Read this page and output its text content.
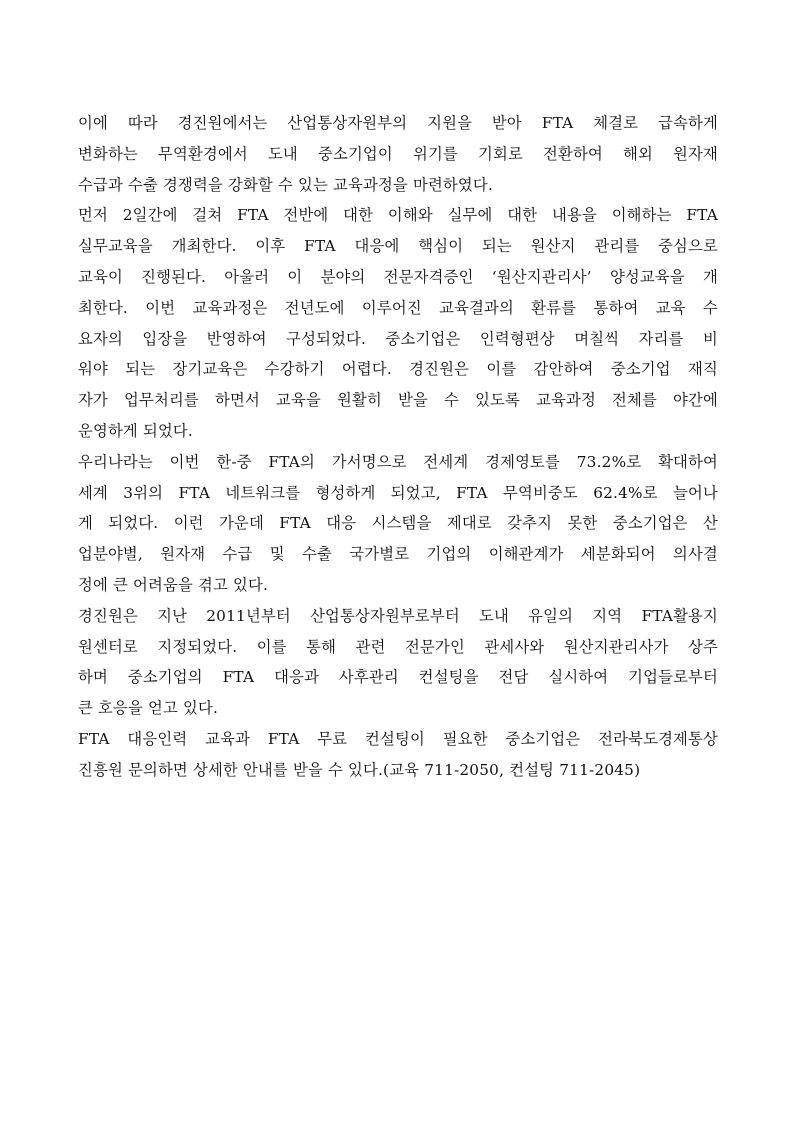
이에 따라 경진원에서는 산업통상자원부의 지원을 받아 FTA 체결로 급속하게
변화하는 무역환경에서 도내 중소기업이 위기를 기회로 전환하여 해외 원자재
수급과 수출 경쟁력을 강화할 수 있는 교육과정을 마련하였다.
먼저 2일간에 걸쳐 FTA 전반에 대한 이해와 실무에 대한 내용을 이해하는 FTA
실무교육을 개최한다. 이후 FTA 대응에 핵심이 되는 원산지 관리를 중심으로
교육이 진행된다. 아울러 이 분야의 전문자격증인 ‘원산지관리사’ 양성교육을 개
최한다. 이번 교육과정은 전년도에 이루어진 교육결과의 환류를 통하여 교육 수
요자의 입장을 반영하여 구성되었다. 중소기업은 인력형편상 며칠씩 자리를 비
워야 되는 장기교육은 수강하기 어렵다. 경진원은 이를 감안하여 중소기업 재직
자가 업무처리를 하면서 교육을 원활히 받을 수 있도록 교육과정 전체를 야간에
운영하게 되었다.
우리나라는 이번 한-중 FTA의 가서명으로 전세계 경제영토를 73.2%로 확대하여
세계 3위의 FTA 네트워크를 형성하게 되었고, FTA 무역비중도 62.4%로 늘어나
게 되었다. 이런 가운데 FTA 대응 시스템을 제대로 갖추지 못한 중소기업은 산
업분야별, 원자재 수급 및 수출 국가별로 기업의 이해관계가 세분화되어 의사결
정에 큰 어려움을 겪고 있다.
경진원은 지난 2011년부터 산업통상자원부로부터 도내 유일의 지역 FTA활용지
원센터로 지정되었다. 이를 통해 관련 전문가인 관세사와 원산지관리사가 상주
하며 중소기업의 FTA 대응과 사후관리 컨설팅을 전담 실시하여 기업들로부터
큰 호응을 얻고 있다.
FTA 대응인력 교육과 FTA 무료 컨설팅이 필요한 중소기업은 전라북도경제통상
진흥원 문의하면 상세한 안내를 받을 수 있다.(교육 711-2050, 컨설팅 711-2045)
